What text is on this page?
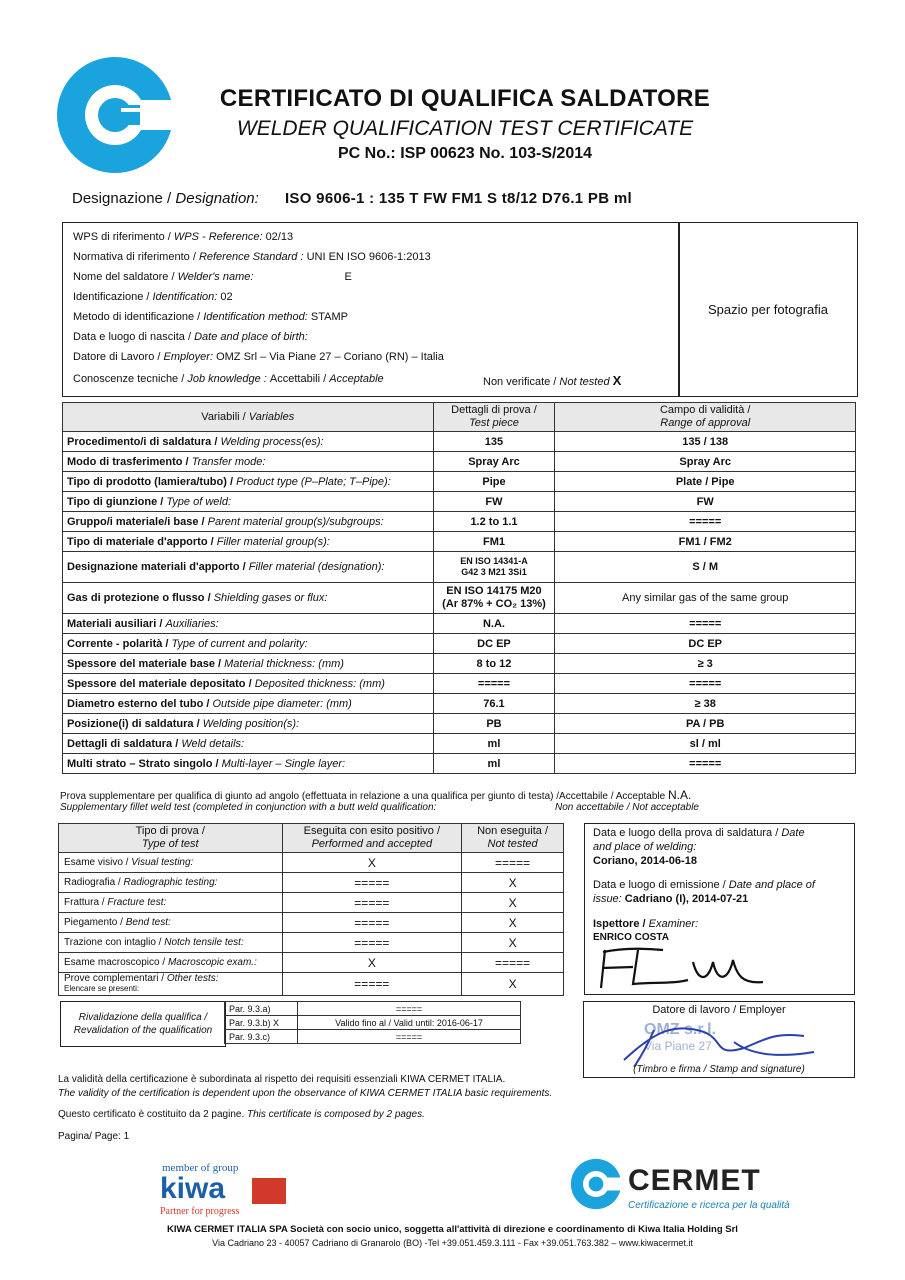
CERTIFICATO DI QUALIFICA SALDATORE
WELDER QUALIFICATION TEST CERTIFICATE
PC No.: ISP 00623 No. 103-S/2014
Designazione / Designation: ISO 9606-1 : 135 T FW FM1 S t8/12 D76.1 PB ml
WPS di riferimento / WPS - Reference: 02/13
Normativa di riferimento / Reference Standard : UNI EN ISO 9606-1:2013
Nome del saldatore / Welder's name:	E
Identificazione / Identification: 02
Metodo di identificazione / Identification method: STAMP
Data e luogo di nascita / Date and place of birth:
Datore di Lavoro / Employer: OMZ Srl – Via Piane 27 – Coriano (RN) – Italia
Conoscenze tecniche / Job knowledge : Accettabili / Acceptable	Non verificate / Not tested X
Spazio per fotografia
Variabili / Variables	Dettagli di prova /
Test piece	Campo di validità /
Range of approval
Procedimento/i di saldatura / Welding process(es):	135	135 / 138
Modo di trasferimento / Transfer mode:	Spray Arc	Spray Arc
Tipo di prodotto (lamiera/tubo) / Product type (P–Plate; T–Pipe):	Pipe	Plate / Pipe
Tipo di giunzione / Type of weld:	FW	FW
Gruppo/i materiale/i base / Parent material group(s)/subgroups:	1.2 to 1.1	=====
Tipo di materiale d'apporto / Filler material group(s):	FM1	FM1 / FM2
Designazione materiali d'apporto / Filler material (designation):	EN ISO 14341-A
G42 3 M21 3Si1	S / M
Gas di protezione o flusso / Shielding gases or flux:	EN ISO 14175 M20
(Ar 87% + CO₂ 13%)	Any similar gas of the same group
Materiali ausiliari / Auxiliaries:	N.A.	=====
Corrente - polarità / Type of current and polarity:	DC EP	DC EP
Spessore del materiale base / Material thickness: (mm)	8 to 12	≥ 3
Spessore del materiale depositato / Deposited thickness: (mm)	=====	=====
Diametro esterno del tubo / Outside pipe diameter: (mm)	76.1	≥ 38
Posizione(i) di saldatura / Welding position(s):	PB	PA / PB
Dettagli di saldatura / Weld details:	ml	sl / ml
Multi strato – Strato singolo / Multi-layer – Single layer:	ml	=====
Prova supplementare per qualifica di giunto ad angolo (effettuata in relazione a una qualifica per giunto di testa) /Accettabile / Acceptable N.A.
Supplementary fillet weld test (completed in conjunction with a butt weld qualification:	Non accettabile / Not acceptable
Tipo di prova /
Type of test	Eseguita con esito positivo /
Performed and accepted	Non eseguita /
Not tested
Esame visivo / Visual testing:	X	=====
Radiografia / Radiographic testing:	=====	X
Frattura / Fracture test:	=====	X
Piegamento / Bend test:	=====	X
Trazione con intaglio / Notch tensile test:	=====	X
Esame macroscopico / Macroscopic exam.:	X	=====
Prove complementari / Other tests:
Elencare se presenti:	=====	X
Data e luogo della prova di saldatura / Date
and place of welding:
Coriano, 2014-06-18
Data e luogo di emissione / Date and place of
issue: Cadriano (I), 2014-07-21
Ispettore / Examiner:
ENRICO COSTA
Rivalidazione della qualifica /
Revalidation of the qualification
Par. 9.3.a)	=====
Par. 9.3.b) X	Valido fino al / Valid until: 2016-06-17
Par. 9.3.c)	=====
Datore di lavoro / Employer
OMZ s.r.l.
Via Piane 27
(Timbro e firma / Stamp and signature)
La validità della certificazione è subordinata al rispetto dei requisiti essenziali KIWA CERMET ITALIA.
The validity of the certification is dependent upon the observance of KIWA CERMET ITALIA basic requirements.
Questo certificato è costituito da 2 pagine. This certificate is composed by 2 pages.
Pagina/ Page: 1
member of group
kiwa
Partner for progress
CERMET
Certificazione e ricerca per la qualità
KIWA CERMET ITALIA SPA Società con socio unico, soggetta all'attività di direzione e coordinamento di Kiwa Italia Holding Srl
Via Cadriano 23 - 40057 Cadriano di Granarolo (BO) -Tel +39.051.459.3.111 - Fax +39.051.763.382 – www.kiwacermet.it
